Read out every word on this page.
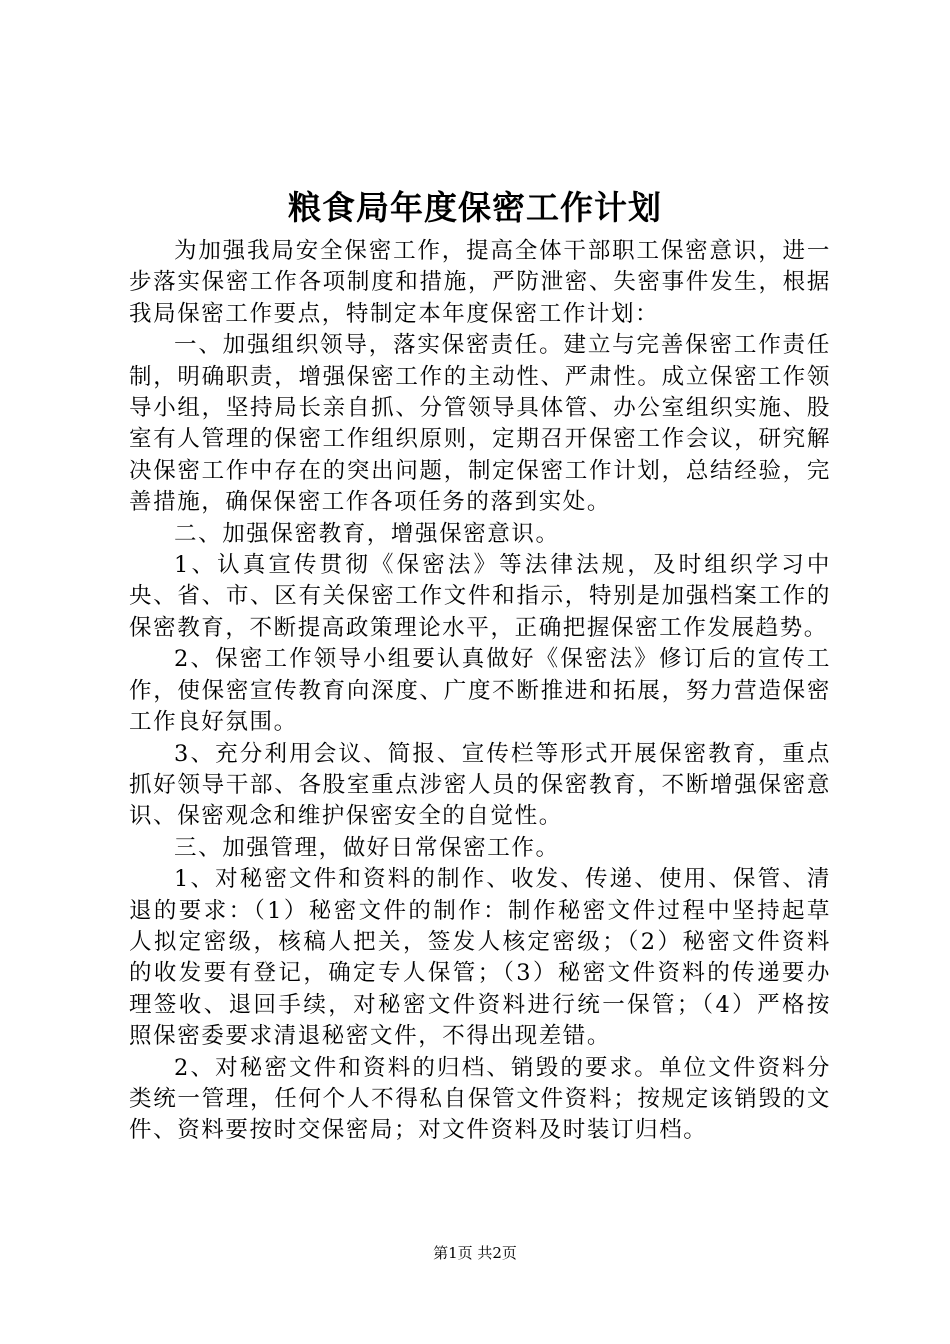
粮食局年度保密工作计划

为加强我局安全保密工作，提高全体干部职工保密意识，进一步落实保密工作各项制度和措施，严防泄密、失密事件发生，根据我局保密工作要点，特制定本年度保密工作计划：

一、加强组织领导，落实保密责任。建立与完善保密工作责任制，明确职责，增强保密工作的主动性、严肃性。成立保密工作领导小组，坚持局长亲自抓、分管领导具体管、办公室组织实施、股室有人管理的保密工作组织原则，定期召开保密工作会议，研究解决保密工作中存在的突出问题，制定保密工作计划，总结经验，完善措施，确保保密工作各项任务的落到实处。

二、加强保密教育，增强保密意识。

1、认真宣传贯彻《保密法》等法律法规，及时组织学习中央、省、市、区有关保密工作文件和指示，特别是加强档案工作的保密教育，不断提高政策理论水平，正确把握保密工作发展趋势。

2、保密工作领导小组要认真做好《保密法》修订后的宣传工作，使保密宣传教育向深度、广度不断推进和拓展，努力营造保密工作良好氛围。

3、充分利用会议、简报、宣传栏等形式开展保密教育，重点抓好领导干部、各股室重点涉密人员的保密教育，不断增强保密意识、保密观念和维护保密安全的自觉性。

三、加强管理，做好日常保密工作。

1、对秘密文件和资料的制作、收发、传递、使用、保管、清退的要求：（1）秘密文件的制作：制作秘密文件过程中坚持起草人拟定密级，核稿人把关，签发人核定密级；（2）秘密文件资料的收发要有登记，确定专人保管；（3）秘密文件资料的传递要办理签收、退回手续，对秘密文件资料进行统一保管；（4）严格按照保密委要求清退秘密文件，不得出现差错。

2、对秘密文件和资料的归档、销毁的要求。单位文件资料分类统一管理，任何个人不得私自保管文件资料；按规定该销毁的文件、资料要按时交保密局；对文件资料及时装订归档。

第1页 共2页
